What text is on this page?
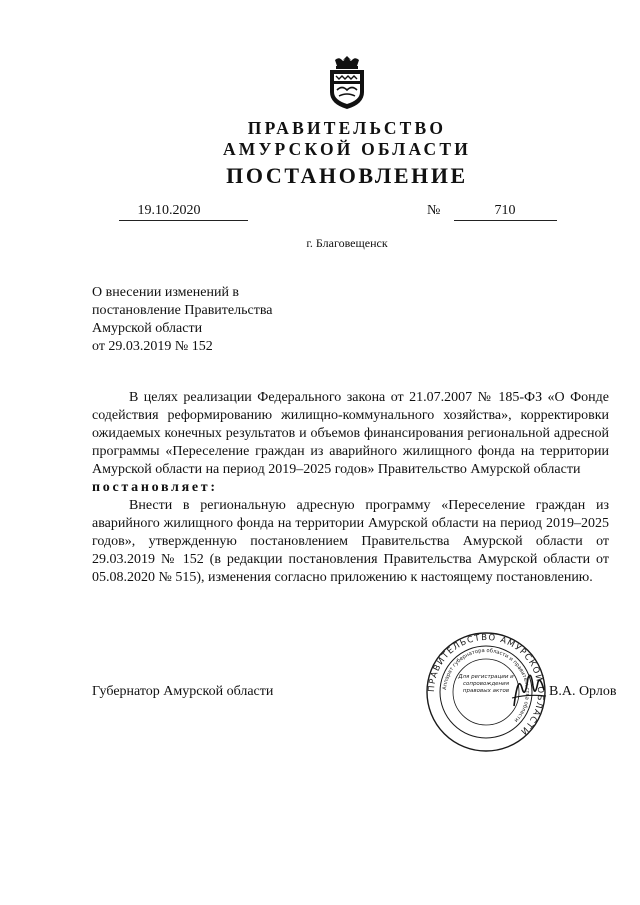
ПРАВИТЕЛЬСТВО
АМУРСКОЙ ОБЛАСТИ
ПОСТАНОВЛЕНИЕ
19.10.2020	№	710
г. Благовещенск
О внесении изменений в
постановление Правительства
Амурской области
от 29.03.2019 № 152

В целях реализации Федерального закона от 21.07.2007 № 185-ФЗ «О Фонде содействия реформированию жилищно-коммунального хозяйства», корректировки ожидаемых конечных результатов и объемов финансирования региональной адресной программы «Переселение граждан из аварийного жилищного фонда на территории Амурской области на период 2019–2025 годов» Правительство Амурской области

постановляет:

Внести в региональную адресную программу «Переселение граждан из аварийного жилищного фонда на территории Амурской области на период 2019–2025 годов», утвержденную постановлением Правительства Амурской области от 29.03.2019 № 152 (в редакции постановления Правительства Амурской области от 05.08.2020 № 515), изменения согласно приложению к настоящему постановлению.

Губернатор Амурской области	ПРАВИТЕЛЬСТВО АМУРСКОЙ ОБЛАСТИ
Аппарат губернатора области и правительства области
Для регистрации и сопровождения правовых актов	В.А. Орлов
